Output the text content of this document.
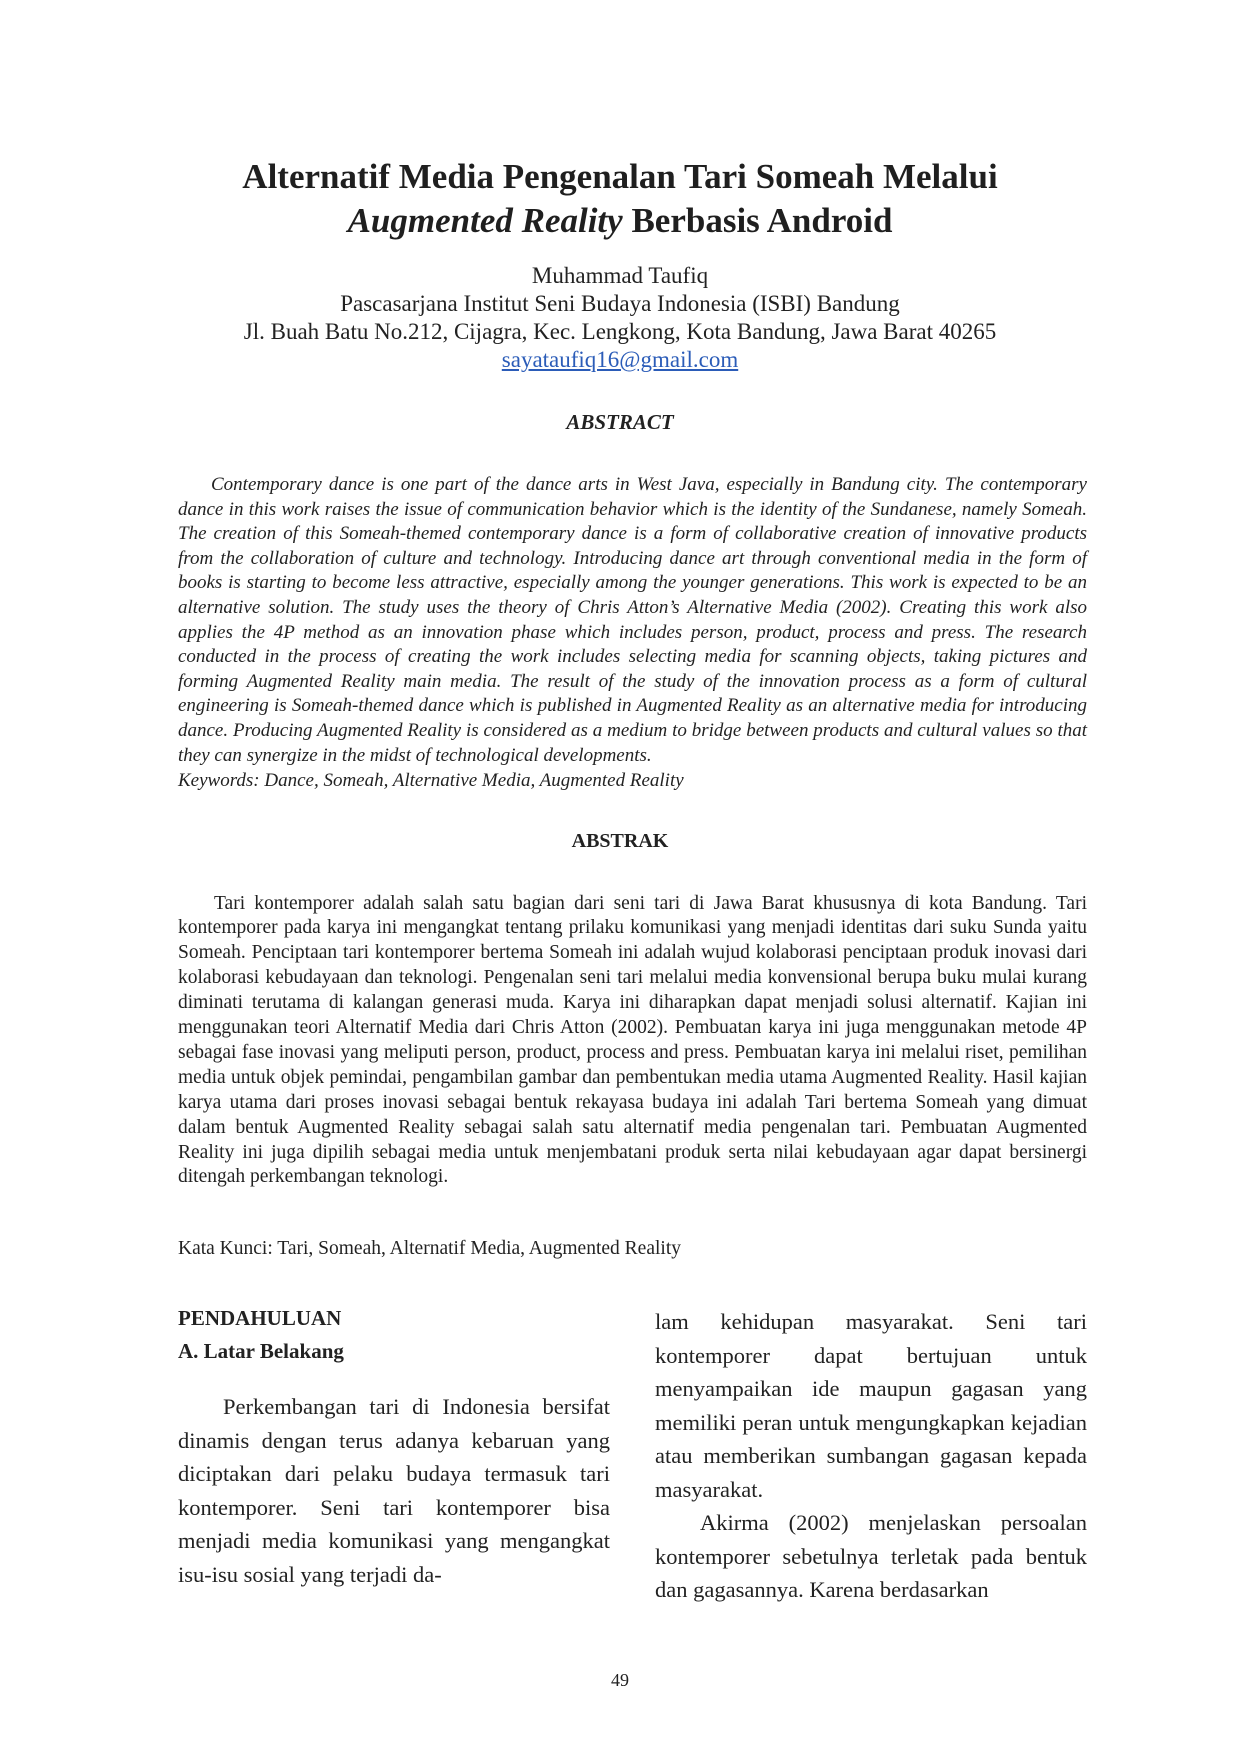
Alternatif Media Pengenalan Tari Someah Melalui
Augmented Reality Berbasis Android
Muhammad Taufiq
Pascasarjana Institut Seni Budaya Indonesia (ISBI) Bandung
Jl. Buah Batu No.212, Cijagra, Kec. Lengkong, Kota Bandung, Jawa Barat 40265
sayataufiq16@gmail.com
ABSTRACT

Contemporary dance is one part of the dance arts in West Java, especially in Bandung city. The contemporary dance in this work raises the issue of communication behavior which is the identity of the Sundanese, namely Someah. The creation of this Someah-themed contemporary dance is a form of collaborative creation of innovative products from the collaboration of culture and technology. Introducing dance art through conventional media in the form of books is starting to become less attractive, especially among the younger generations. This work is expected to be an alternative solution. The study uses the theory of Chris Atton’s Alternative Media (2002). Creating this work also applies the 4P method as an innovation phase which includes person, product, process and press. The research conducted in the process of creating the work includes selecting media for scanning objects, taking pictures and forming Augmented Reality main media. The result of the study of the innovation process as a form of cultural engineering is Someah-themed dance which is published in Augmented Reality as an alternative media for introducing dance. Producing Augmented Reality is considered as a medium to bridge between products and cultural values so that they can synergize in the midst of technological developments.

Keywords: Dance, Someah, Alternative Media, Augmented Reality
ABSTRAK

Tari kontemporer adalah salah satu bagian dari seni tari di Jawa Barat khususnya di kota Bandung. Tari kontemporer pada karya ini mengangkat tentang prilaku komunikasi yang menjadi identitas dari suku Sunda yaitu Someah. Penciptaan tari kontemporer bertema Someah ini adalah wujud kolaborasi penciptaan produk inovasi dari kolaborasi kebudayaan dan teknologi. Pengenalan seni tari melalui media konvensional berupa buku mulai kurang diminati terutama di kalangan generasi muda. Karya ini diharapkan dapat menjadi solusi alternatif. Kajian ini menggunakan teori Alternatif Media dari Chris Atton (2002). Pembuatan karya ini juga menggunakan metode 4P sebagai fase inovasi yang meliputi person, product, process and press. Pembuatan karya ini melalui riset, pemilihan media untuk objek pemindai, pengambilan gambar dan pembentukan media utama Augmented Reality. Hasil kajian karya utama dari proses inovasi sebagai bentuk rekayasa budaya ini adalah Tari bertema Someah yang dimuat dalam bentuk Augmented Reality sebagai salah satu alternatif media pengenalan tari. Pembuatan Augmented Reality ini juga dipilih sebagai media untuk menjembatani produk serta nilai kebudayaan agar dapat bersinergi ditengah perkembangan teknologi.

Kata Kunci: Tari, Someah, Alternatif Media, Augmented Reality

PENDAHULUAN

A. Latar Belakang

Perkembangan tari di Indonesia bersifat dinamis dengan terus adanya kebaruan yang diciptakan dari pelaku budaya termasuk tari kontemporer. Seni tari kontemporer bisa menjadi media komunikasi yang mengangkat isu-isu sosial yang terjadi da-

lam kehidupan masyarakat. Seni tari kontemporer dapat bertujuan untuk menyampaikan ide maupun gagasan yang memiliki peran untuk mengungkapkan kejadian atau memberikan sumbangan gagasan kepada masyarakat.

Akirma (2002) menjelaskan persoalan kontemporer sebetulnya terletak pada bentuk dan gagasannya. Karena berdasarkan

49
